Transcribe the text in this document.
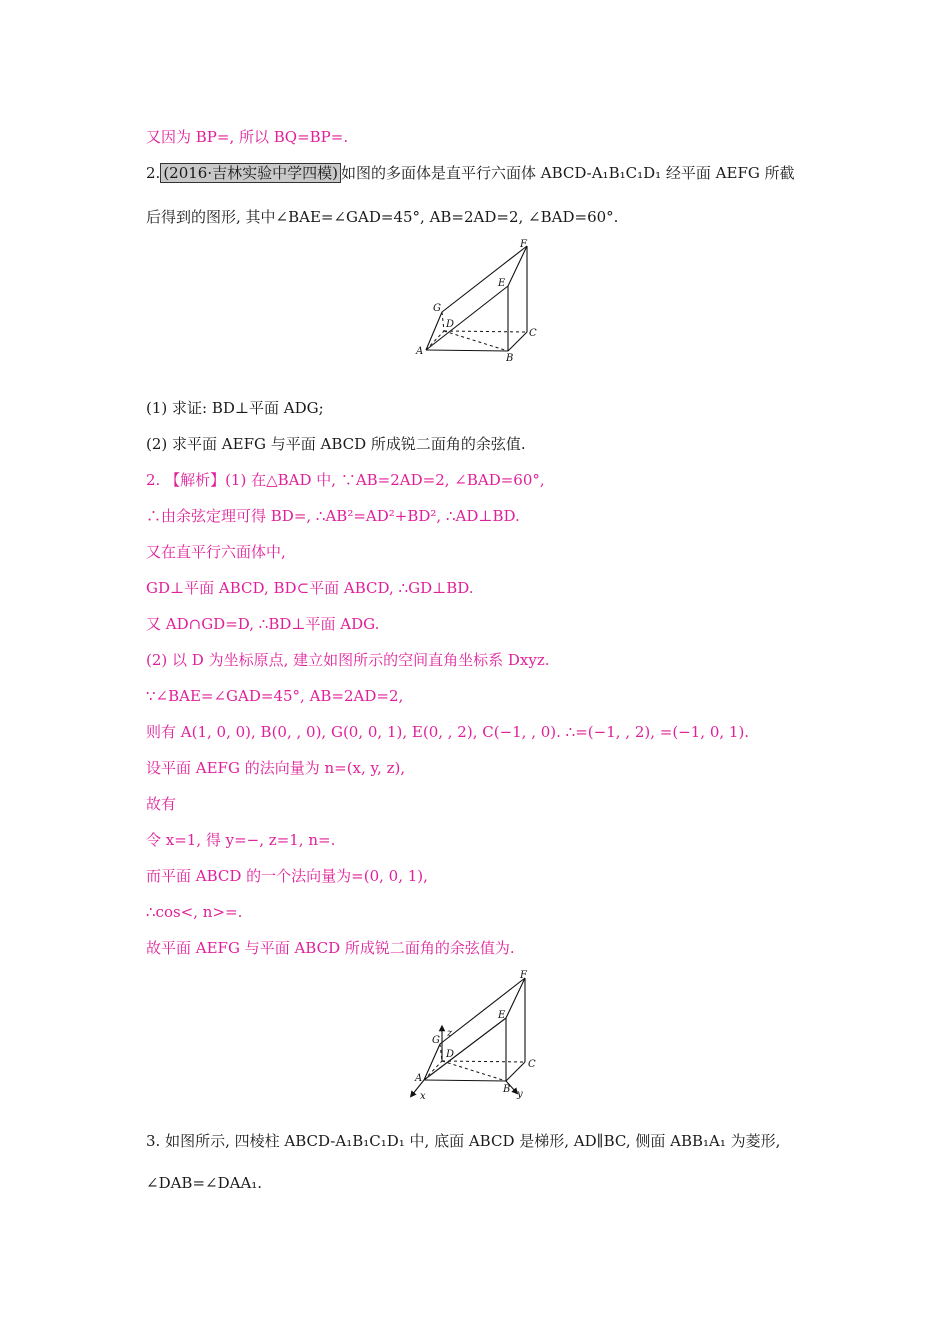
又因为 BP=, 所以 BQ=BP=.
2. (2016·吉林实验中学四模) 如图的多面体是直平行六面体 ABCD-A₁B₁C₁D₁ 经平面 AEFG 所截
后得到的图形, 其中∠BAE=∠GAD=45°, AB=2AD=2, ∠BAD=60°.
F
E
G
D
C
A
B
(1) 求证: BD⊥平面 ADG;
(2) 求平面 AEFG 与平面 ABCD 所成锐二面角的余弦值.
2. 【解析】(1) 在△BAD 中, ∵AB=2AD=2, ∠BAD=60°,
∴由余弦定理可得 BD=, ∴AB²=AD²+BD², ∴AD⊥BD.
又在直平行六面体中,
GD⊥平面 ABCD, BD⊂平面 ABCD, ∴GD⊥BD.
又 AD∩GD=D, ∴BD⊥平面 ADG.
(2) 以 D 为坐标原点, 建立如图所示的空间直角坐标系 Dxyz.
∵∠BAE=∠GAD=45°, AB=2AD=2,
则有 A(1, 0, 0), B(0, , 0), G(0, 0, 1), E(0, , 2), C(−1, , 0). ∴=(−1, , 2), =(−1, 0, 1).
设平面 AEFG 的法向量为 n=(x, y, z),
故有
令 x=1, 得 y=−, z=1, n=.
而平面 ABCD 的一个法向量为=(0, 0, 1),
∴cos<, n>=.
故平面 AEFG 与平面 ABCD 所成锐二面角的余弦值为.
F
E
z
G
D
C
A
B
x	y
3. 如图所示, 四棱柱 ABCD-A₁B₁C₁D₁ 中, 底面 ABCD 是梯形, AD∥BC, 侧面 ABB₁A₁ 为菱形,
∠DAB=∠DAA₁.
